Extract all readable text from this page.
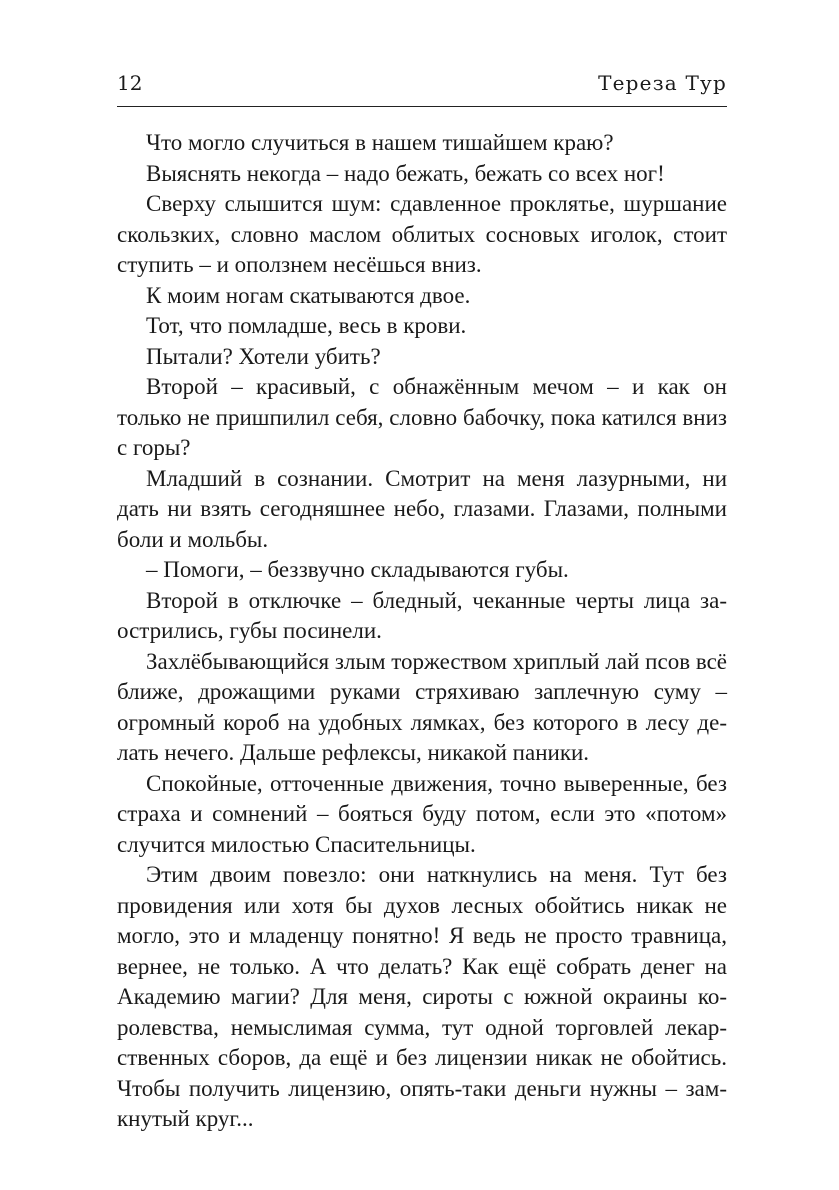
12	Тереза Тур

Что могло случиться в нашем тишайшем краю?

Выяснять некогда – надо бежать, бежать со всех ног!

Сверху слышится шум: сдавленное проклятье, шуршание скользких, словно маслом облитых сосновых иголок, стоит ступить – и оползнем несёшься вниз.

К моим ногам скатываются двое.

Тот, что помладше, весь в крови.

Пытали? Хотели убить?

Второй – красивый, с обнажённым мечом – и как он только не пришпилил себя, словно бабочку, пока катился вниз с горы?

Младший в сознании. Смотрит на меня лазурными, ни дать ни взять сегодняшнее небо, глазами. Глазами, полными боли и мольбы.

– Помоги, – беззвучно складываются губы.

Второй в отключке – бледный, чеканные черты лица заострились, губы посинели.

Захлёбывающийся злым торжеством хриплый лай псов всё ближе, дрожащими руками стряхиваю заплечную суму – огромный короб на удобных лямках, без которого в лесу делать нечего. Дальше рефлексы, никакой паники.

Спокойные, отточенные движения, точно выверенные, без страха и сомнений – бояться буду потом, если это «потом» случится милостью Спасительницы.

Этим двоим повезло: они наткнулись на меня. Тут без провидения или хотя бы духов лесных обойтись никак не могло, это и младенцу понятно! Я ведь не просто травница, вернее, не только. А что делать? Как ещё собрать денег на Академию магии? Для меня, сироты с южной окраины королевства, немыслимая сумма, тут одной торговлей лекарственных сборов, да ещё и без лицензии никак не обойтись. Чтобы получить лицензию, опять-таки деньги нужны – замкнутый круг...
